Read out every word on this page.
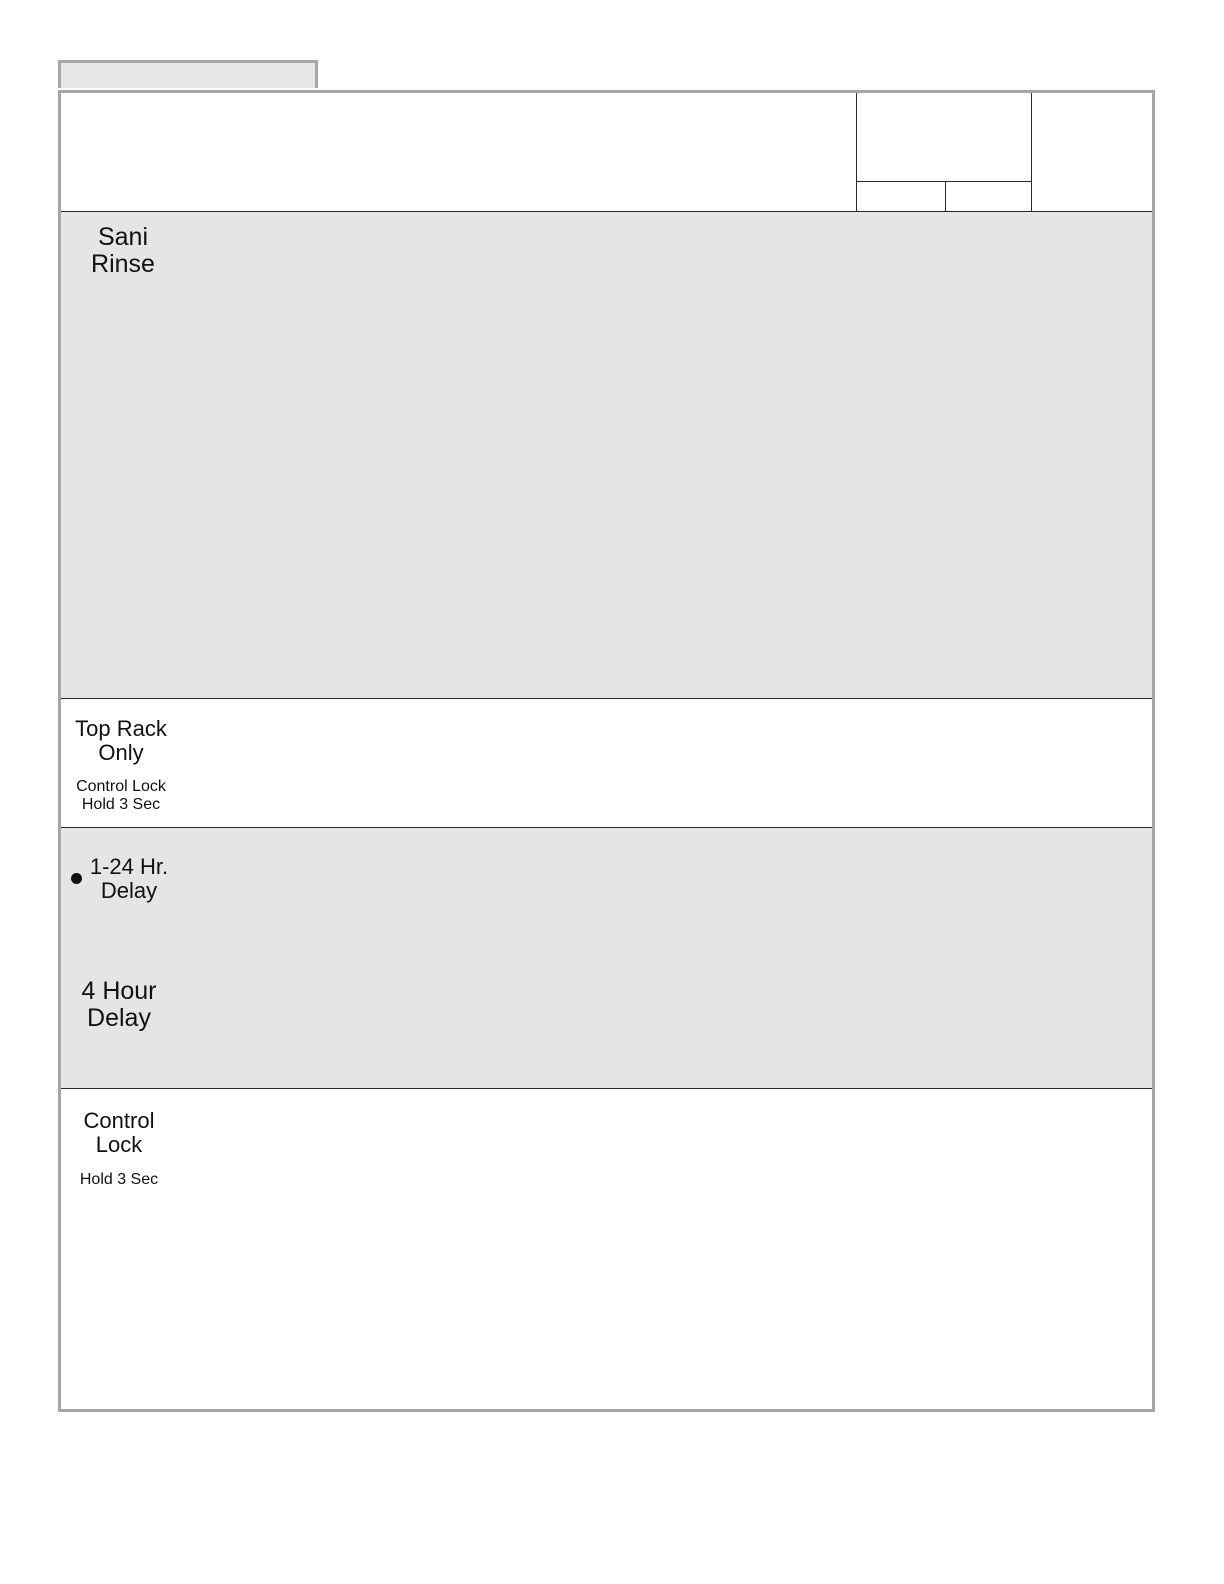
Sani
Rinse
Top Rack
Only
Control Lock
Hold 3 Sec
1-24 Hr.
Delay
4 Hour
Delay
Control
Lock
Hold 3 Sec
